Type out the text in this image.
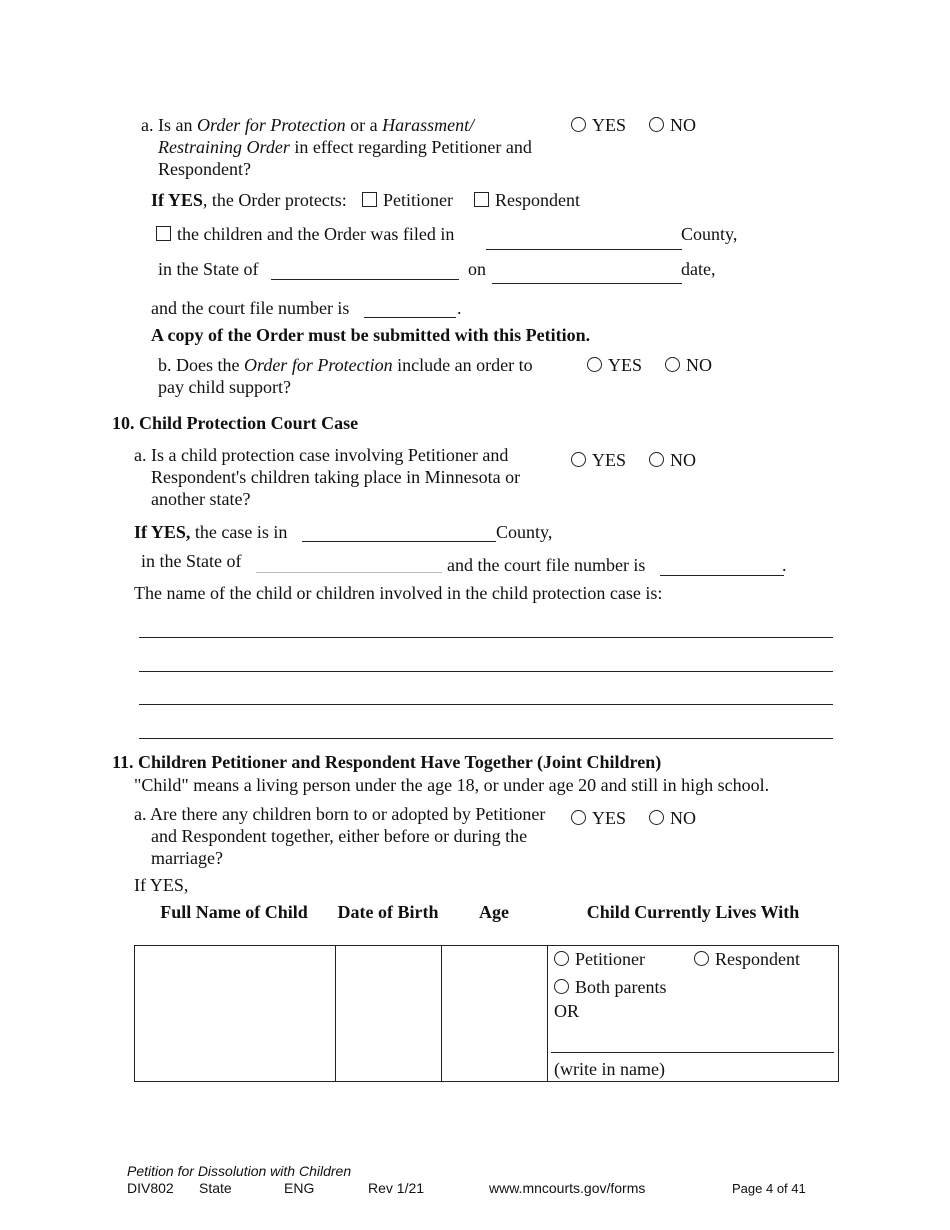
a. Is an Order for Protection or a Harassment/
Restraining Order in effect regarding Petitioner and
Respondent?
YES	NO
If YES, the Order protects:	Petitioner	Respondent
the children and the Order was filed in	County,
in the State of	on	date,
and the court file number is	.
A copy of the Order must be submitted with this Petition.
b. Does the Order for Protection include an order to
pay child support?
YES	NO
10. Child Protection Court Case
a. Is a child protection case involving Petitioner and
Respondent's children taking place in Minnesota or
another state?
YES	NO
If YES, the case is in	County,
in the State of	and the court file number is	.
The name of the child or children involved in the child protection case is:
11. Children Petitioner and Respondent Have Together (Joint Children)
"Child" means a living person under the age 18, or under age 20 and still in high school.
a. Are there any children born to or adopted by Petitioner
and Respondent together, either before or during the
marriage?
YES	NO
If YES,
Full Name of Child	Date of Birth	Age	Child Currently Lives With
Petitioner	Respondent
Both parents
OR
(write in name)
Petition for Dissolution with Children
DIV802 State	ENG	Rev 1/21	www.mncourts.gov/forms	Page 4 of 41
